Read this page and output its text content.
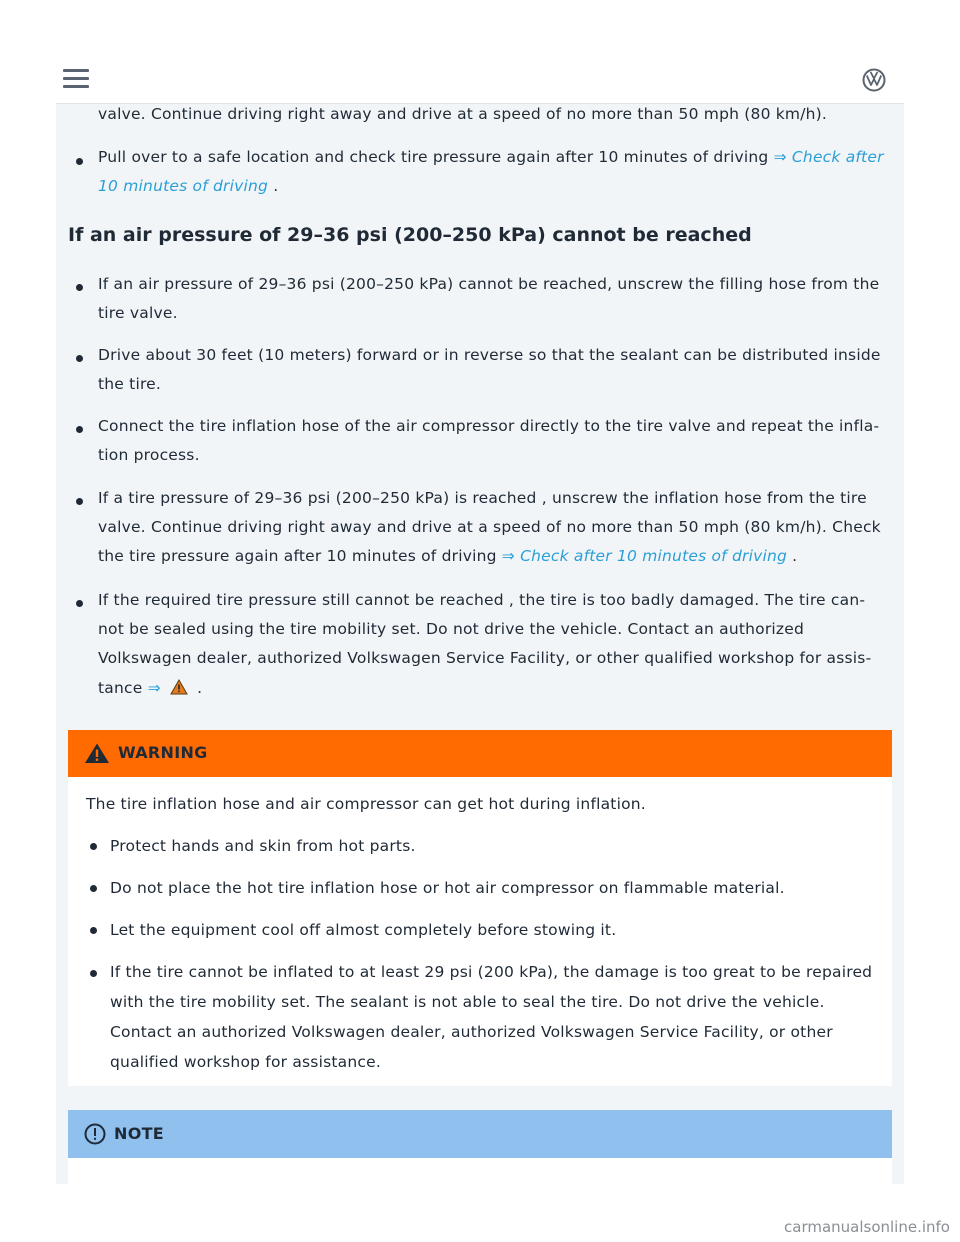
valve. Continue driving right away and drive at a speed of no more than 50 mph (80 km/h).
Pull over to a safe location and check tire pressure again after 10 minutes of driving ⇒ Check after
10 minutes of driving .
If an air pressure of 29–36 psi (200–250 kPa) cannot be reached
If an air pressure of 29–36 psi (200–250 kPa) cannot be reached, unscrew the filling hose from the
tire valve.
Drive about 30 feet (10 meters) forward or in reverse so that the sealant can be distributed inside
the tire.
Connect the tire inflation hose of the air compressor directly to the tire valve and repeat the infla-
tion process.
If a tire pressure of 29–36 psi (200–250 kPa) is reached , unscrew the inflation hose from the tire
valve. Continue driving right away and drive at a speed of no more than 50 mph (80 km/h). Check
the tire pressure again after 10 minutes of driving ⇒ Check after 10 minutes of driving .
If the required tire pressure still cannot be reached , the tire is too badly damaged. The tire can-
not be sealed using the tire mobility set. Do not drive the vehicle. Contact an authorized
Volkswagen dealer, authorized Volkswagen Service Facility, or other qualified workshop for assis-
tance ⇒ .
WARNING
The tire inflation hose and air compressor can get hot during inflation.
Protect hands and skin from hot parts.
Do not place the hot tire inflation hose or hot air compressor on flammable material.
Let the equipment cool off almost completely before stowing it.
If the tire cannot be inflated to at least 29 psi (200 kPa), the damage is too great to be repaired
with the tire mobility set. The sealant is not able to seal the tire. Do not drive the vehicle.
Contact an authorized Volkswagen dealer, authorized Volkswagen Service Facility, or other
qualified workshop for assistance.
NOTE
carmanualsonline.info
